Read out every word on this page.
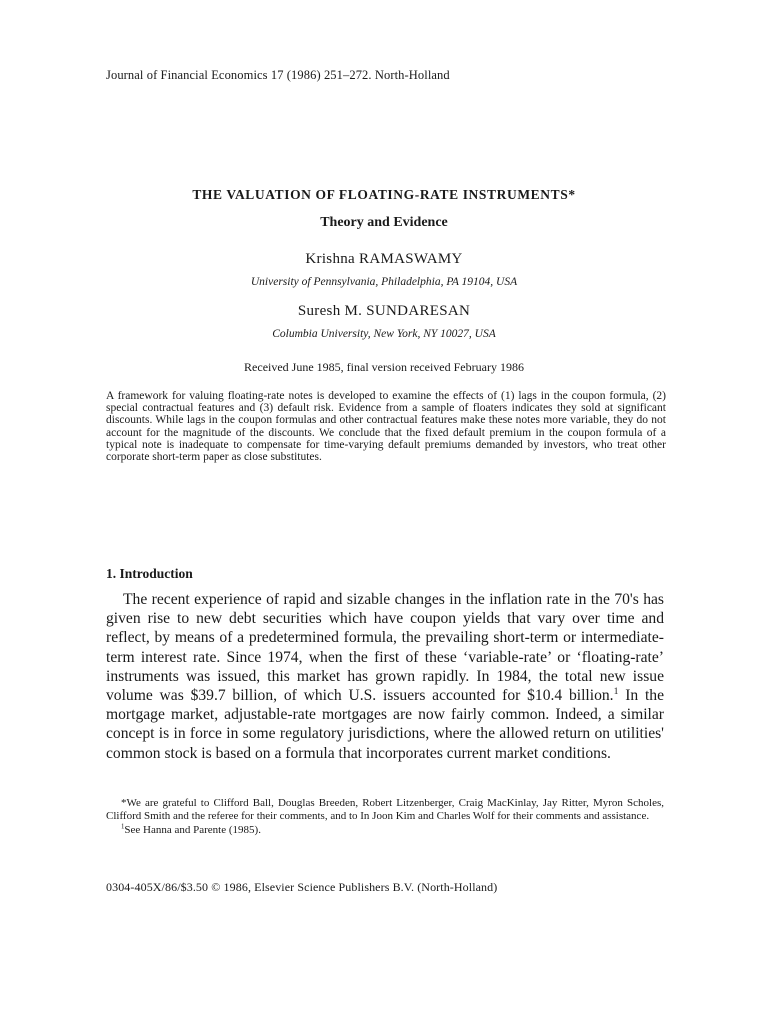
Journal of Financial Economics 17 (1986) 251–272. North-Holland
THE VALUATION OF FLOATING-RATE INSTRUMENTS*
Theory and Evidence
Krishna RAMASWAMY
University of Pennsylvania, Philadelphia, PA 19104, USA
Suresh M. SUNDARESAN
Columbia University, New York, NY 10027, USA
Received June 1985, final version received February 1986
A framework for valuing floating-rate notes is developed to examine the effects of (1) lags in the coupon formula, (2) special contractual features and (3) default risk. Evidence from a sample of floaters indicates they sold at significant discounts. While lags in the coupon formulas and other contractual features make these notes more variable, they do not account for the magnitude of the discounts. We conclude that the fixed default premium in the coupon formula of a typical note is inadequate to compensate for time-varying default premiums demanded by investors, who treat other corporate short-term paper as close substitutes.
1. Introduction
The recent experience of rapid and sizable changes in the inflation rate in the 70's has given rise to new debt securities which have coupon yields that vary over time and reflect, by means of a predetermined formula, the prevailing short-term or intermediate-term interest rate. Since 1974, when the first of these ‘variable-rate’ or ‘floating-rate’ instruments was issued, this market has grown rapidly. In 1984, the total new issue volume was $39.7 billion, of which U.S. issuers accounted for $10.4 billion.$^1$ In the mortgage market, adjustable-rate mortgages are now fairly common. Indeed, a similar concept is in force in some regulatory jurisdictions, where the allowed return on utilities' common stock is based on a formula that incorporates current market conditions.

*We are grateful to Clifford Ball, Douglas Breeden, Robert Litzenberger, Craig MacKinlay, Jay Ritter, Myron Scholes, Clifford Smith and the referee for their comments, and to In Joon Kim and Charles Wolf for their comments and assistance.

$^1$See Hanna and Parente (1985).

0304-405X/86/$3.50 © 1986, Elsevier Science Publishers B.V. (North-Holland)
